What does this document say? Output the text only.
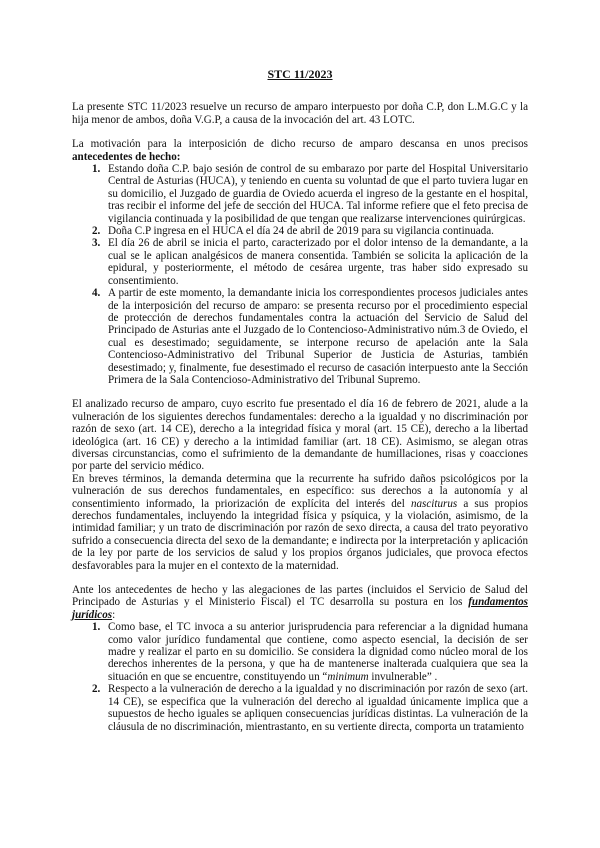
STC 11/2023

La presente STC 11/2023 resuelve un recurso de amparo interpuesto por doña C.P, don L.M.G.C y la hija menor de ambos, doña V.G.P, a causa de la invocación del art. 43 LOTC.

La motivación para la interposición de dicho recurso de amparo descansa en unos precisos antecedentes de hecho:

1. Estando doña C.P. bajo sesión de control de su embarazo por parte del Hospital Universitario Central de Asturias (HUCA), y teniendo en cuenta su voluntad de que el parto tuviera lugar en su domicilio, el Juzgado de guardia de Oviedo acuerda el ingreso de la gestante en el hospital, tras recibir el informe del jefe de sección del HUCA. Tal informe refiere que el feto precisa de vigilancia continuada y la posibilidad de que tengan que realizarse intervenciones quirúrgicas.
2. Doña C.P ingresa en el HUCA el día 24 de abril de 2019 para su vigilancia continuada.
3. El día 26 de abril se inicia el parto, caracterizado por el dolor intenso de la demandante, a la cual se le aplican analgésicos de manera consentida. También se solicita la aplicación de la epidural, y posteriormente, el método de cesárea urgente, tras haber sido expresado su consentimiento.
4. A partir de este momento, la demandante inicia los correspondientes procesos judiciales antes de la interposición del recurso de amparo: se presenta recurso por el procedimiento especial de protección de derechos fundamentales contra la actuación del Servicio de Salud del Principado de Asturias ante el Juzgado de lo Contencioso-Administrativo núm.3 de Oviedo, el cual es desestimado; seguidamente, se interpone recurso de apelación ante la Sala Contencioso-Administrativo del Tribunal Superior de Justicia de Asturias, también desestimado; y, finalmente, fue desestimado el recurso de casación interpuesto ante la Sección Primera de la Sala Contencioso-Administrativo del Tribunal Supremo.

El analizado recurso de amparo, cuyo escrito fue presentado el día 16 de febrero de 2021, alude a la vulneración de los siguientes derechos fundamentales: derecho a la igualdad y no discriminación por razón de sexo (art. 14 CE), derecho a la integridad física y moral (art. 15 CE), derecho a la libertad ideológica (art. 16 CE) y derecho a la intimidad familiar (art. 18 CE). Asimismo, se alegan otras diversas circunstancias, como el sufrimiento de la demandante de humillaciones, risas y coacciones por parte del servicio médico.

En breves términos, la demanda determina que la recurrente ha sufrido daños psicológicos por la vulneración de sus derechos fundamentales, en específico: sus derechos a la autonomía y al consentimiento informado, la priorización de explícita del interés del nasciturus a sus propios derechos fundamentales, incluyendo la integridad física y psíquica, y la violación, asimismo, de la intimidad familiar; y un trato de discriminación por razón de sexo directa, a causa del trato peyorativo sufrido a consecuencia directa del sexo de la demandante; e indirecta por la interpretación y aplicación de la ley por parte de los servicios de salud y los propios órganos judiciales, que provoca efectos desfavorables para la mujer en el contexto de la maternidad.

Ante los antecedentes de hecho y las alegaciones de las partes (incluidos el Servicio de Salud del Principado de Asturias y el Ministerio Fiscal) el TC desarrolla su postura en los fundamentos jurídicos:

1. Como base, el TC invoca a su anterior jurisprudencia para referenciar a la dignidad humana como valor jurídico fundamental que contiene, como aspecto esencial, la decisión de ser madre y realizar el parto en su domicilio. Se considera la dignidad como núcleo moral de los derechos inherentes de la persona, y que ha de mantenerse inalterada cualquiera que sea la situación en que se encuentre, constituyendo un “minimum invulnerable” .
2. Respecto a la vulneración de derecho a la igualdad y no discriminación por razón de sexo (art. 14 CE), se especifica que la vulneración del derecho al igualdad únicamente implica que a supuestos de hecho iguales se apliquen consecuencias jurídicas distintas. La vulneración de la cláusula de no discriminación, mientrastanto, en su vertiente directa, comporta un tratamiento
